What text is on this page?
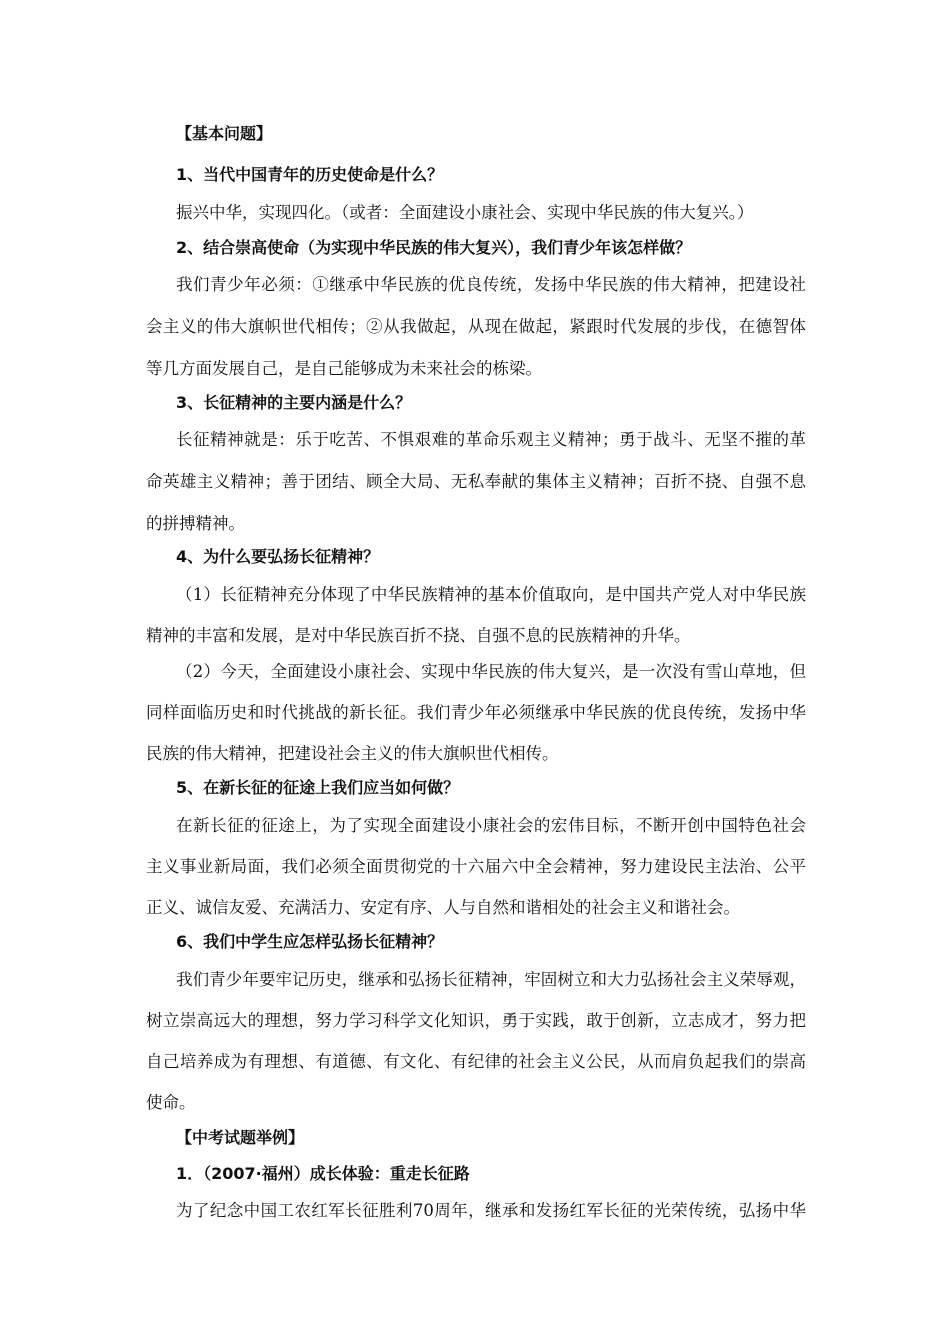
【基本问题】
1、当代中国青年的历史使命是什么？
振兴中华，实现四化。（或者：全面建设小康社会、实现中华民族的伟大复兴。）
2、结合崇高使命（为实现中华民族的伟大复兴），我们青少年该怎样做？
我们青少年必须：①继承中华民族的优良传统，发扬中华民族的伟大精神，把建设社
会主义的伟大旗帜世代相传；②从我做起，从现在做起，紧跟时代发展的步伐，在德智体
等几方面发展自己，是自己能够成为未来社会的栋梁。
3、长征精神的主要内涵是什么？
长征精神就是：乐于吃苦、不惧艰难的革命乐观主义精神；勇于战斗、无坚不摧的革
命英雄主义精神；善于团结、顾全大局、无私奉献的集体主义精神；百折不挠、自强不息
的拼搏精神。
4、为什么要弘扬长征精神？
（1）长征精神充分体现了中华民族精神的基本价值取向，是中国共产党人对中华民族
精神的丰富和发展，是对中华民族百折不挠、自强不息的民族精神的升华。
（2）今天，全面建设小康社会、实现中华民族的伟大复兴，是一次没有雪山草地，但
同样面临历史和时代挑战的新长征。我们青少年必须继承中华民族的优良传统，发扬中华
民族的伟大精神，把建设社会主义的伟大旗帜世代相传。
5、在新长征的征途上我们应当如何做？
在新长征的征途上，为了实现全面建设小康社会的宏伟目标，不断开创中国特色社会
主义事业新局面，我们必须全面贯彻党的十六届六中全会精神，努力建设民主法治、公平
正义、诚信友爱、充满活力、安定有序、人与自然和谐相处的社会主义和谐社会。
6、我们中学生应怎样弘扬长征精神？
我们青少年要牢记历史，继承和弘扬长征精神，牢固树立和大力弘扬社会主义荣辱观，
树立崇高远大的理想，努力学习科学文化知识，勇于实践，敢于创新，立志成才，努力把
自己培养成为有理想、有道德、有文化、有纪律的社会主义公民，从而肩负起我们的崇高
使命。
【中考试题举例】
1．（2007·福州）成长体验：重走长征路
为了纪念中国工农红军长征胜利70周年，继承和发扬红军长征的光荣传统，弘扬中华
